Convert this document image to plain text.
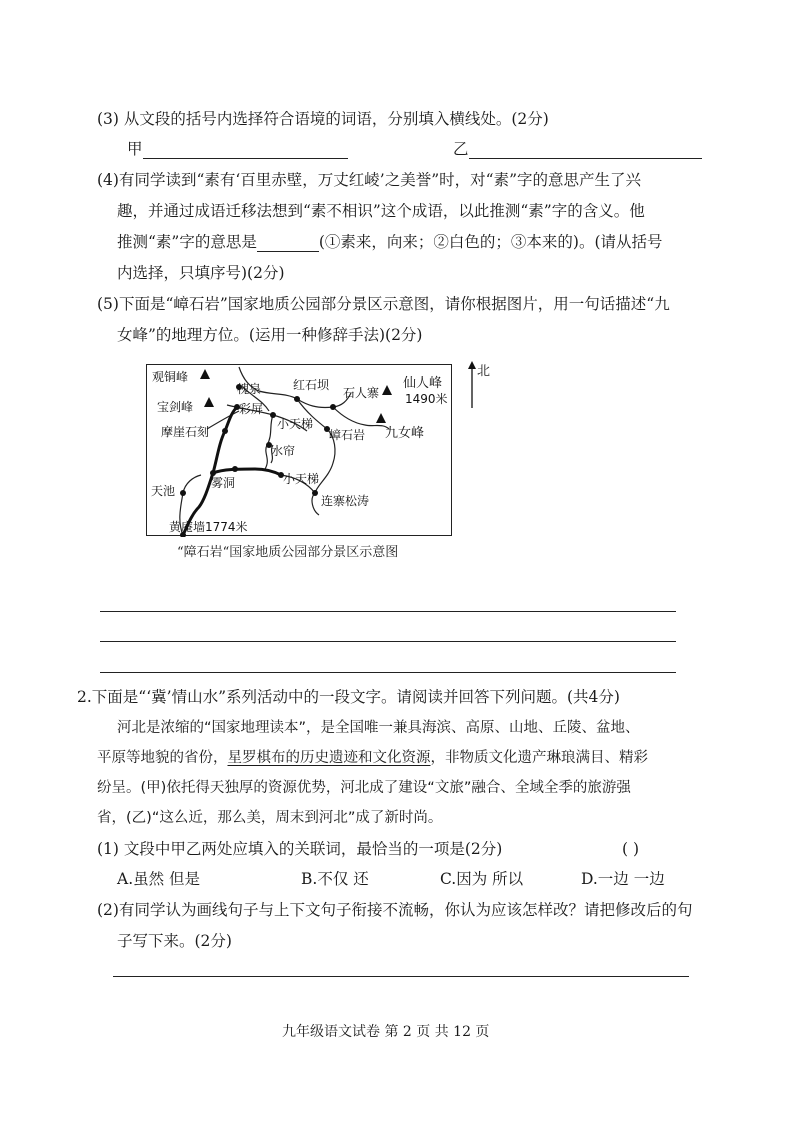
(3) 从文段的括号内选择符合语境的词语，分别填入横线处。(2分)
甲	乙
(4)有同学读到“素有‘百里赤壁，万丈红崚’之美誉”时，对“素”字的意思产生了兴
趣，并通过成语迁移法想到“素不相识”这个成语，以此推测“素”字的含义。他
推测“素”字的意思是	(①素来，向来；②白色的；③本来的)。(请从括号
内选择，只填序号)(2分)
(5)下面是“嶂石岩”国家地质公园部分景区示意图，请你根据图片，用一句话描述“九
女峰”的地理方位。(运用一种修辞手法)(2分)
北
观铜峰
宝剑峰
摩崖石刻
天池
雾洞
黄庵墙1774米
槐泉
彩屏
红石坝
石人寨
小天梯
水帘
嶂石岩
小天梯
连寨松涛
仙人峰
1490米
九女峰
“障石岩“国家地质公园部分景区示意图
2.下面是“‘冀’情山水”系列活动中的一段文字。请阅读并回答下列问题。(共4分)
河北是浓缩的“国家地理读本”，是全国唯一兼具海滨、高原、山地、丘陵、盆地、
平原等地貌的省份，星罗棋布的历史遗迹和文化资源，非物质文化遗产琳琅满目、精彩
纷呈。(甲)依托得天独厚的资源优势，河北成了建设“文旅”融合、全域全季的旅游强
省，(乙)“这么近，那么美，周末到河北”成了新时尚。
(1) 文段中甲乙两处应填入的关联词，最恰当的一项是(2分)	( )
A.虽然 但是	B.不仅 还	C.因为 所以	D.一边 一边
(2)有同学认为画线句子与上下文句子衔接不流畅，你认为应该怎样改？请把修改后的句
子写下来。(2分)
九年级语文试卷 第 2 页 共 12 页
